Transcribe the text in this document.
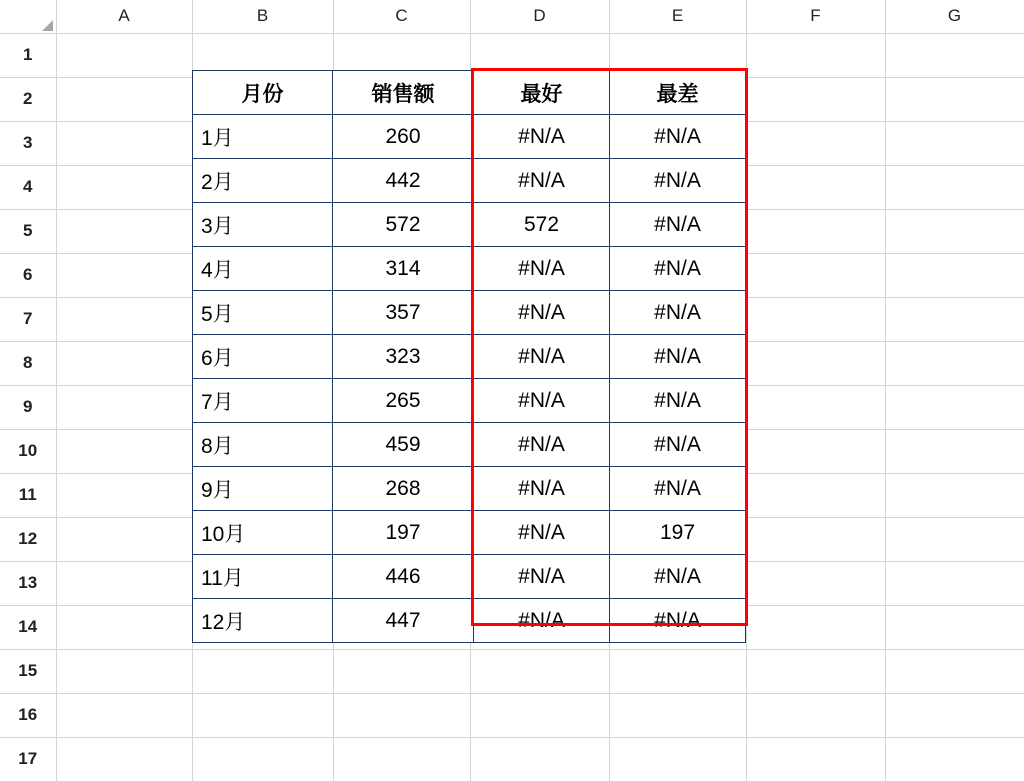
	A	B	C	D	E	F	G
1							
2							
3							
4							
5							
6							
7							
8							
9							
10							
11							
12							
13							
14							
15							
16							
17							
月份	销售额	最好	最差
1月	260	#N/A	#N/A
2月	442	#N/A	#N/A
3月	572	572	#N/A
4月	314	#N/A	#N/A
5月	357	#N/A	#N/A
6月	323	#N/A	#N/A
7月	265	#N/A	#N/A
8月	459	#N/A	#N/A
9月	268	#N/A	#N/A
10月	197	#N/A	197
11月	446	#N/A	#N/A
12月	447	#N/A	#N/A
